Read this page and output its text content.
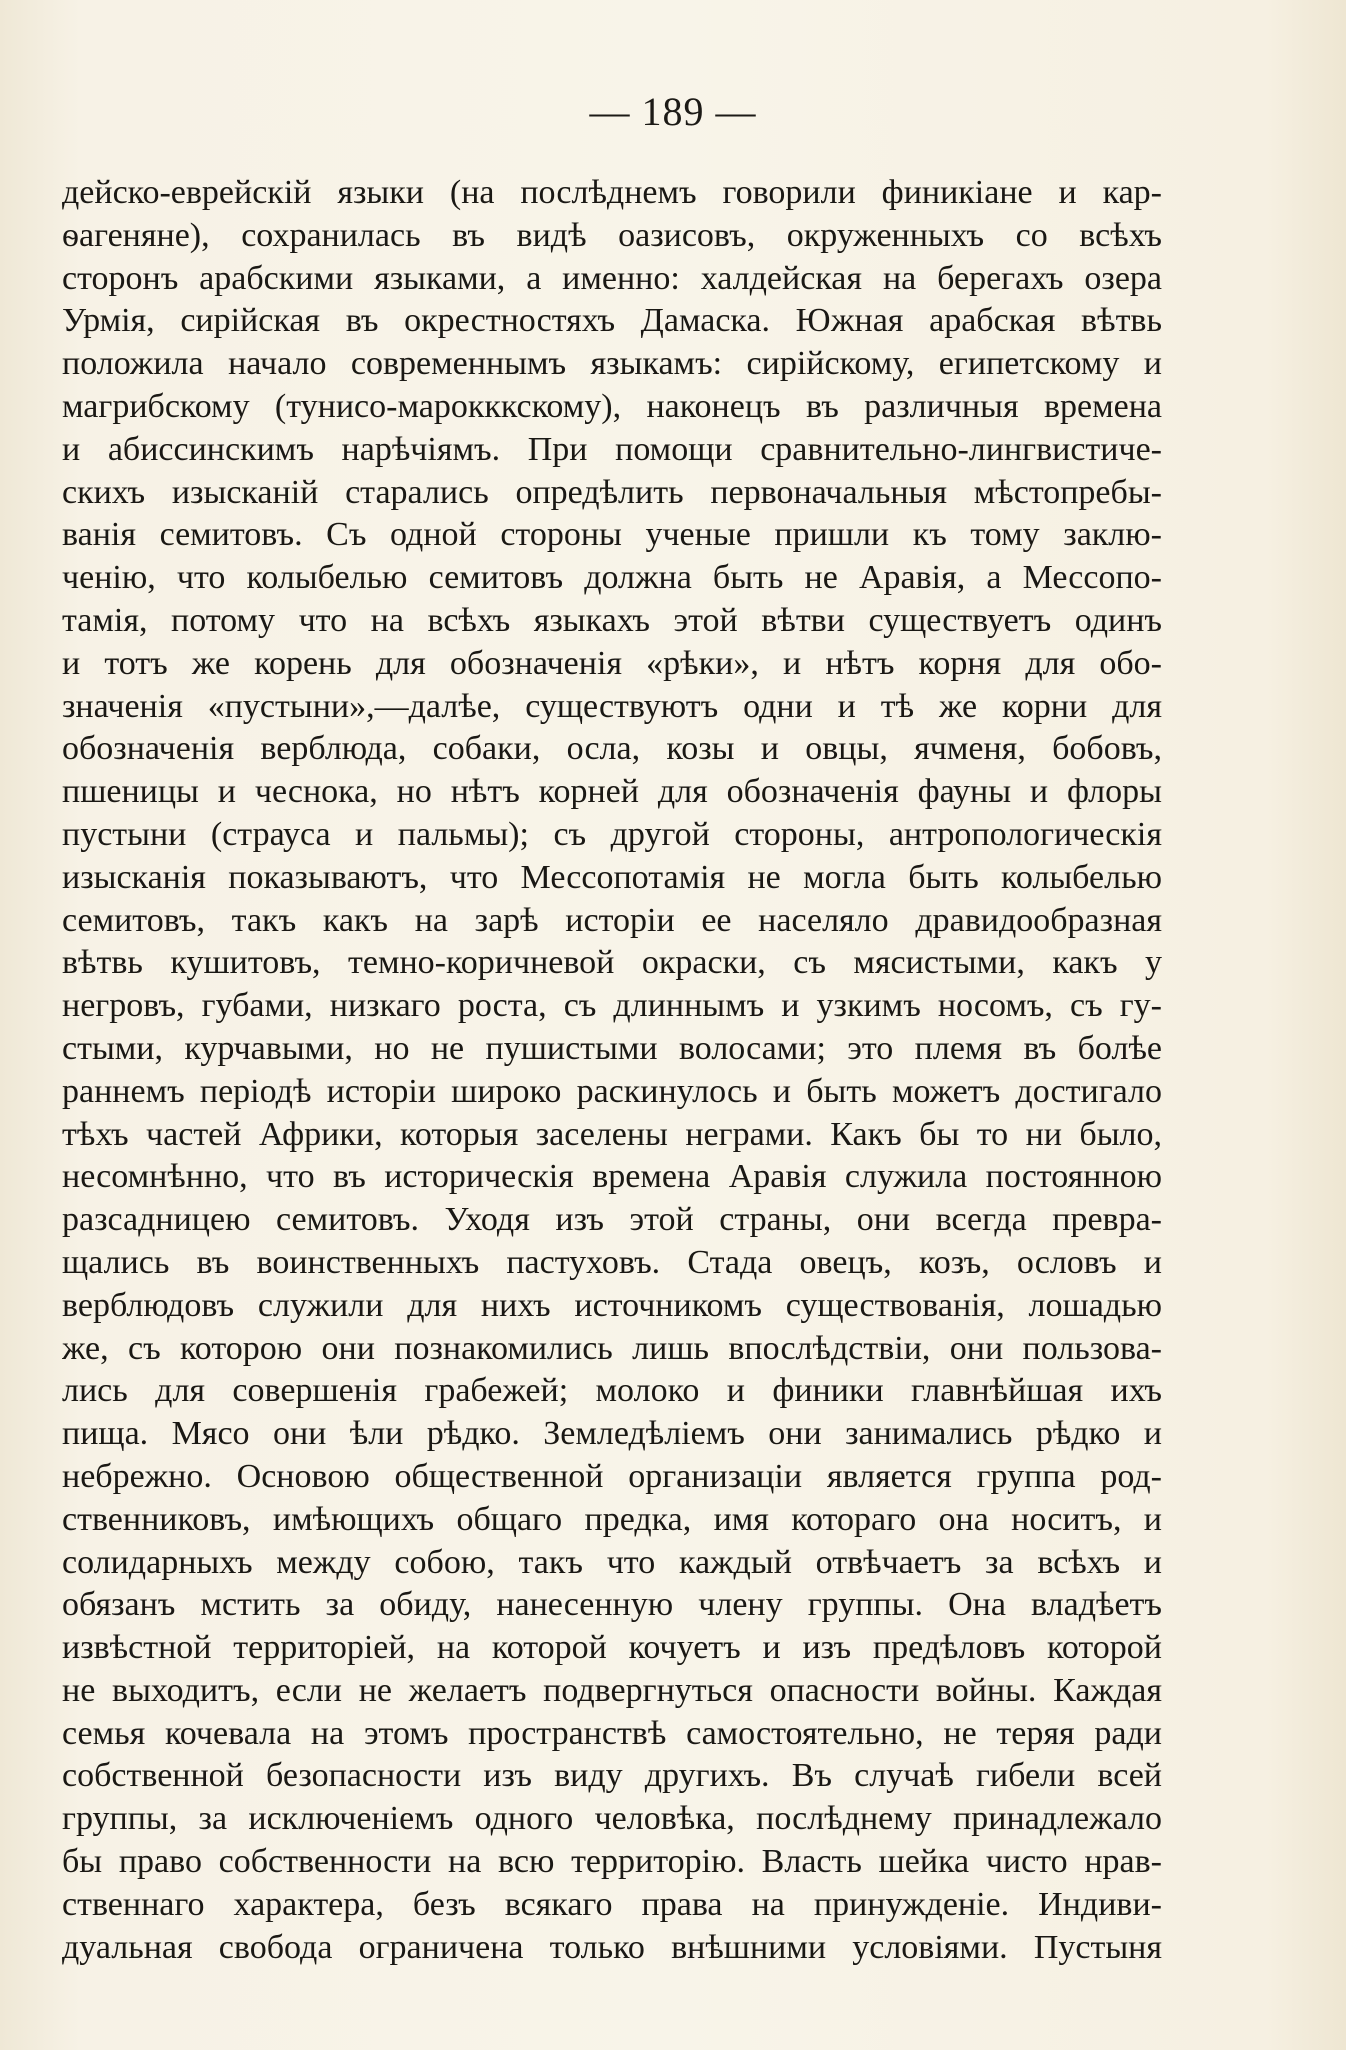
— 189 —
дейско-еврейскій языки (на послѣднемъ говорили финикіане и кар-
ѳагеняне), сохранилась въ видѣ оазисовъ, окруженныхъ со всѣхъ
сторонъ арабскими языками, а именно: халдейская на берегахъ озера
Урмія, сирійская въ окрестностяхъ Дамаска. Южная арабская вѣтвь
положила начало современнымъ языкамъ: сирійскому, египетскому и
магрибскому (тунисо-марокккскому), наконецъ въ различныя времена
и абиссинскимъ нарѣчіямъ. При помощи сравнительно-лингвистиче-
скихъ изысканій старались опредѣлить первоначальныя мѣстопребы-
ванія семитовъ. Съ одной стороны ученые пришли къ тому заклю-
ченію, что колыбелью семитовъ должна быть не Аравія, а Мессопо-
тамія, потому что на всѣхъ языкахъ этой вѣтви существуетъ одинъ
и тотъ же корень для обозначенія «рѣки», и нѣтъ корня для обо-
значенія «пустыни»,—далѣе, существуютъ одни и тѣ же корни для
обозначенія верблюда, собаки, осла, козы и овцы, ячменя, бобовъ,
пшеницы и чеснока, но нѣтъ корней для обозначенія фауны и флоры
пустыни (страуса и пальмы); съ другой стороны, антропологическія
изысканія показываютъ, что Мессопотамія не могла быть колыбелью
семитовъ, такъ какъ на зарѣ исторіи ее населяло дравидообразная
вѣтвь кушитовъ, темно-коричневой окраски, съ мясистыми, какъ у
негровъ, губами, низкаго роста, съ длиннымъ и узкимъ носомъ, съ гу-
стыми, курчавыми, но не пушистыми волосами; это племя въ болѣе
раннемъ періодѣ исторіи широко раскинулось и быть можетъ достигало
тѣхъ частей Африки, которыя заселены неграми. Какъ бы то ни было,
несомнѣнно, что въ историческія времена Аравія служила постоянною
разсадницею семитовъ. Уходя изъ этой страны, они всегда превра-
щались въ воинственныхъ пастуховъ. Стада овецъ, козъ, ословъ и
верблюдовъ служили для нихъ источникомъ существованія, лошадью
же, съ которою они познакомились лишь впослѣдствіи, они пользова-
лись для совершенія грабежей; молоко и финики главнѣйшая ихъ
пища. Мясо они ѣли рѣдко. Земледѣліемъ они занимались рѣдко и
небрежно. Основою общественной организаціи является группа род-
ственниковъ, имѣющихъ общаго предка, имя котораго она носитъ, и
солидарныхъ между собою, такъ что каждый отвѣчаетъ за всѣхъ и
обязанъ мстить за обиду, нанесенную члену группы. Она владѣетъ
извѣстной территоріей, на которой кочуетъ и изъ предѣловъ которой
не выходитъ, если не желаетъ подвергнуться опасности войны. Каждая
семья кочевала на этомъ пространствѣ самостоятельно, не теряя ради
собственной безопасности изъ виду другихъ. Въ случаѣ гибели всей
группы, за исключеніемъ одного человѣка, послѣднему принадлежало
бы право собственности на всю территорію. Власть шейка чисто нрав-
ственнаго характера, безъ всякаго права на принужденіе. Индиви-
дуальная свобода ограничена только внѣшними условіями. Пустыня
